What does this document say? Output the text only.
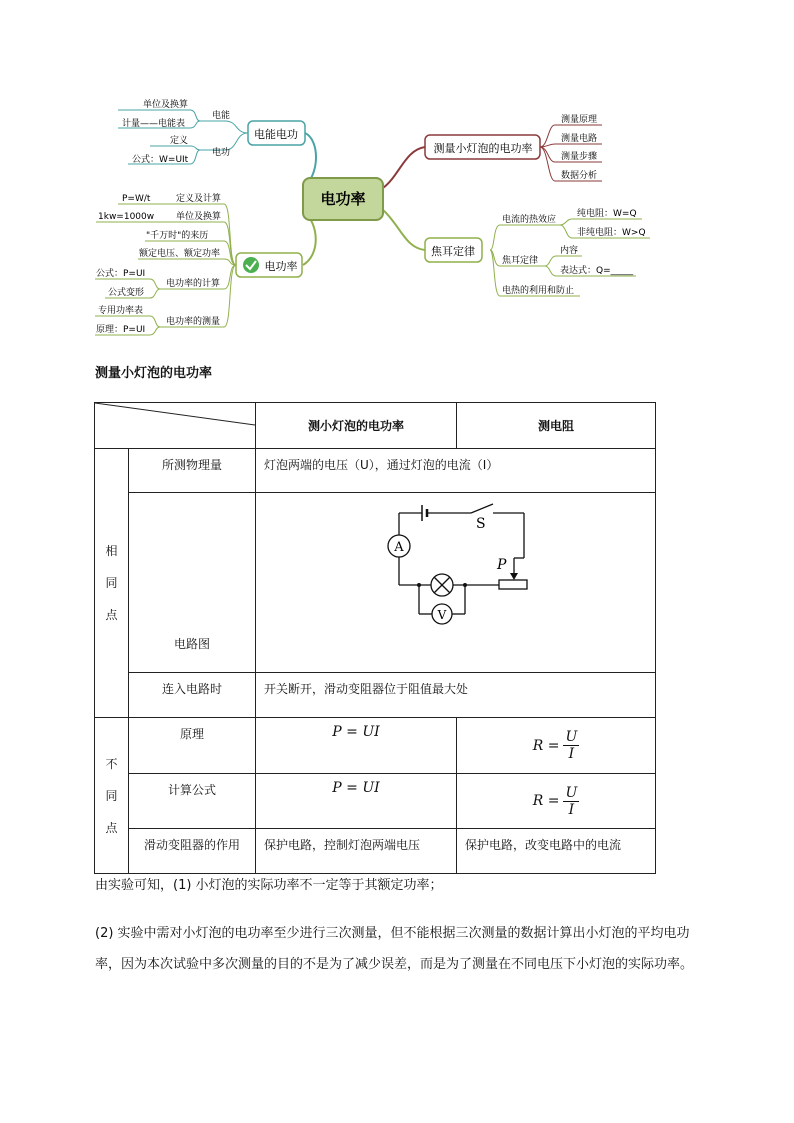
电功率
电能电功
电能
电功
单位及换算
计量——电能表
定义
公式：W=UIt
电功率
定义及计算
P=W/t
单位及换算
1kw=1000w
"千万时"的来历
额定电压、额定功率
电功率的计算
公式：P=UI
公式变形
电功率的测量
专用功率表
原理：P=UI
测量小灯泡的电功率
测量原理
测量电路
测量步骤
数据分析
焦耳定律
电流的热效应
纯电阻：W=Q
非纯电阻：W>Q
焦耳定律
内容
表达式：Q=_____
电热的利用和防止
测量小灯泡的电功率
	测小灯泡的电功率	测电阻

相同点	所测物理量	灯泡两端的电压（U），通过灯泡的电流（I）	
	电路图	A
V
S
P	

	连入电路时	开关断开，滑动变阻器位于阻值最大处	

不同点	原理	P = UI	$R = \frac{U}{I}$

	计算公式	P = UI	$R = \frac{U}{I}$

	滑动变阻器的作用	保护电路，控制灯泡两端电压	保护电路，改变电路中的电流
由实验可知，(1) 小灯泡的实际功率不一定等于其额定功率；
(2) 实验中需对小灯泡的电功率至少进行三次测量，但不能根据三次测量的数据计算出小灯泡的平均电功率，因为本次试验中多次测量的目的不是为了减少误差，而是为了测量在不同电压下小灯泡的实际功率。
